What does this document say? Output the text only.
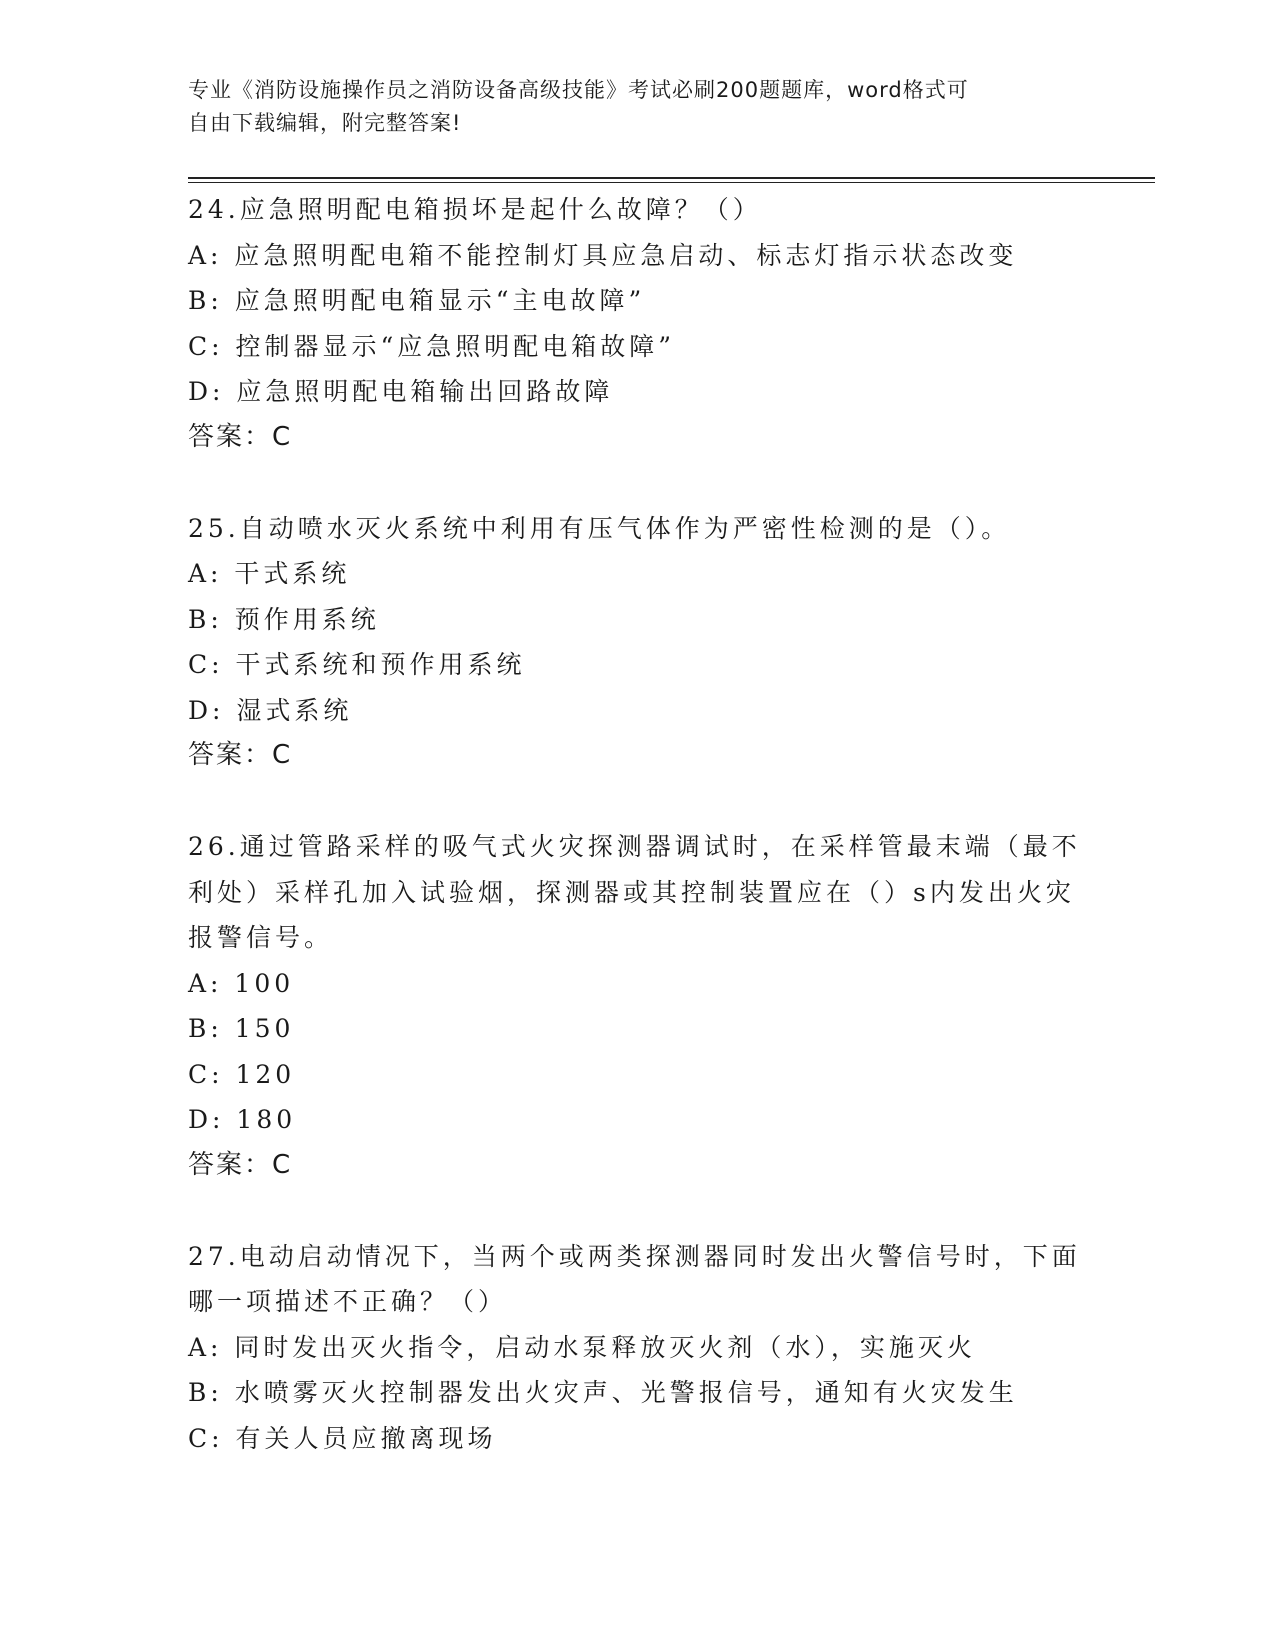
专业《消防设施操作员之消防设备高级技能》考试必刷200题题库，word格式可
自由下载编辑，附完整答案!
24.应急照明配电箱损坏是起什么故障？（）
A: 应急照明配电箱不能控制灯具应急启动、标志灯指示状态改变
B: 应急照明配电箱显示“主电故障”
C: 控制器显示“应急照明配电箱故障”
D: 应急照明配电箱输出回路故障
答案：C
25.自动喷水灭火系统中利用有压气体作为严密性检测的是（）。
A: 干式系统
B: 预作用系统
C: 干式系统和预作用系统
D: 湿式系统
答案：C
26.通过管路采样的吸气式火灾探测器调试时，在采样管最末端（最不
利处）采样孔加入试验烟，探测器或其控制装置应在（）s内发出火灾
报警信号。
A: 100
B: 150
C: 120
D: 180
答案：C
27.电动启动情况下，当两个或两类探测器同时发出火警信号时，下面
哪一项描述不正确？（）
A: 同时发出灭火指令，启动水泵释放灭火剂（水），实施灭火
B: 水喷雾灭火控制器发出火灾声、光警报信号，通知有火灾发生
C: 有关人员应撤离现场
